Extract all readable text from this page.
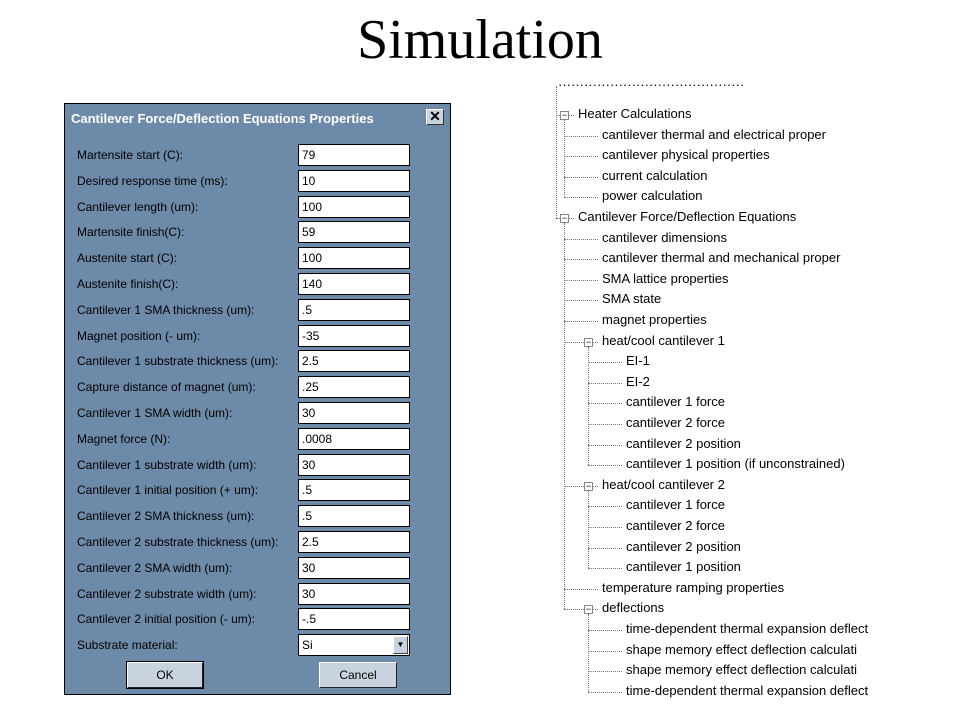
Simulation
Cantilever Force/Deflection Equations Properties	✕
Martensite start (C):	79
Desired response time (ms):	10
Cantilever length (um):	100
Martensite finish(C):	59
Austenite start (C):	100
Austenite finish(C):	140
Cantilever 1 SMA thickness (um):	.5
Magnet position (- um):	-35
Cantilever 1 substrate thickness (um):	2.5
Capture distance of magnet (um):	.25
Cantilever 1 SMA width (um):	30
Magnet force (N):	.0008
Cantilever 1 substrate width (um):	30
Cantilever 1 initial position (+ um):	.5
Cantilever 2 SMA thickness (um):	.5
Cantilever 2 substrate thickness (um):	2.5
Cantilever 2 SMA width (um):	30
Cantilever 2 substrate width (um):	30
Cantilever 2 initial position (- um):	-.5
Substrate material:	Si	▼
OK	Cancel
···········································
− Heater Calculations
cantilever thermal and electrical proper
cantilever physical properties
current calculation
power calculation
− Cantilever Force/Deflection Equations
cantilever dimensions
cantilever thermal and mechanical proper
SMA lattice properties
SMA state
magnet properties
− heat/cool cantilever 1
EI-1
EI-2
cantilever 1 force
cantilever 2 force
cantilever 2 position
cantilever 1 position (if unconstrained)
− heat/cool cantilever 2
cantilever 1 force
cantilever 2 force
cantilever 2 position
cantilever 1 position
temperature ramping properties
− deflections
time-dependent thermal expansion deflect
shape memory effect deflection calculati
shape memory effect deflection calculati
time-dependent thermal expansion deflect
